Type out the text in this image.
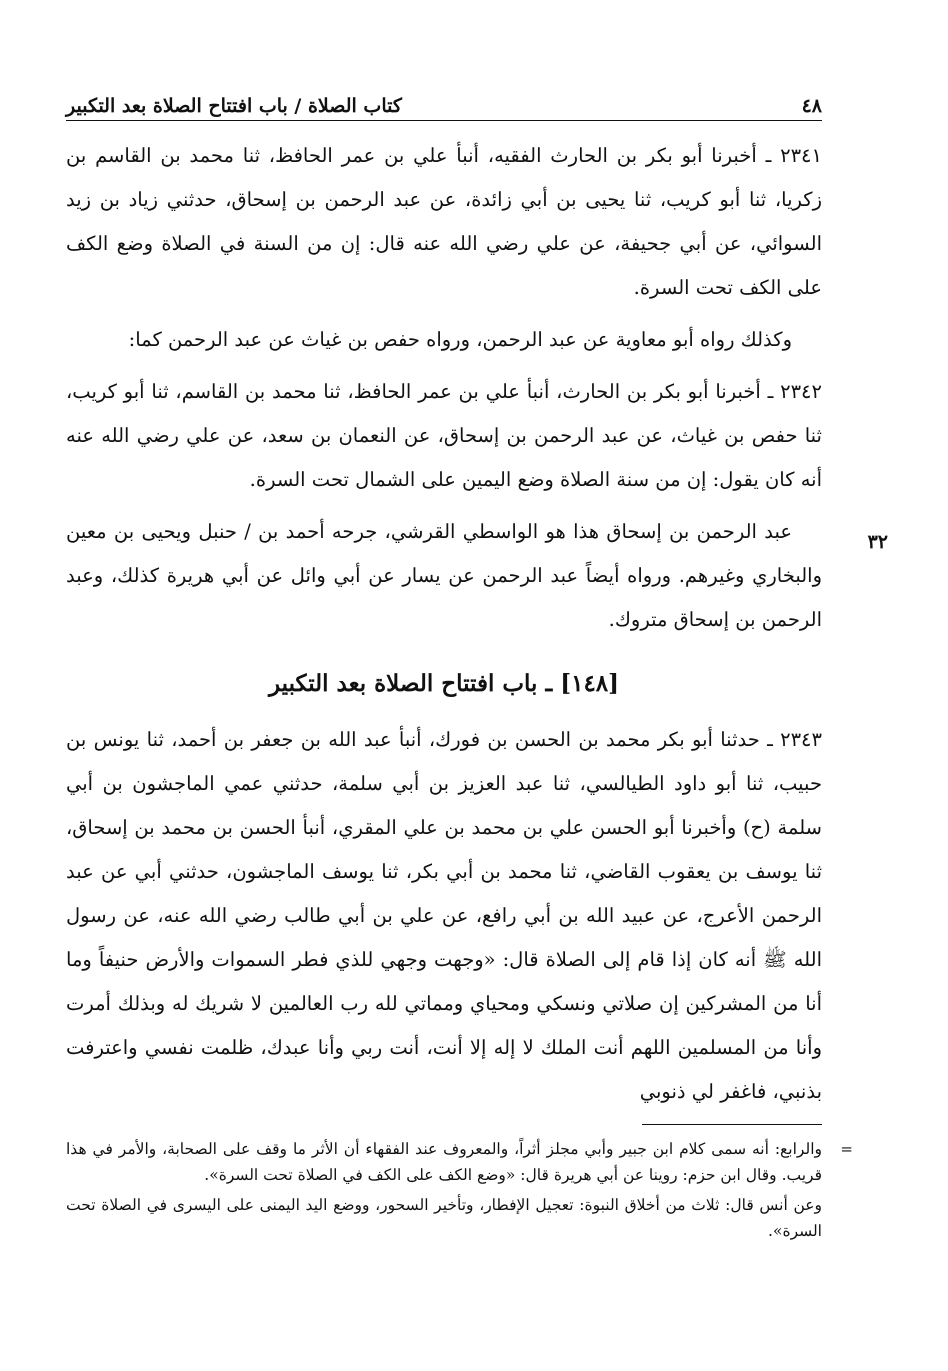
٤٨
كتاب الصلاة / باب افتتاح الصلاة بعد التكبير
٣٢

٢٣٤١ ـ أخبرنا أبو بكر بن الحارث الفقيه، أنبأ علي بن عمر الحافظ، ثنا محمد بن القاسم بن زكريا، ثنا أبو كريب، ثنا يحيى بن أبي زائدة، عن عبد الرحمن بن إسحاق، حدثني زياد بن زيد السوائي، عن أبي جحيفة، عن علي رضي الله عنه قال: إن من السنة في الصلاة وضع الكف على الكف تحت السرة.

وكذلك رواه أبو معاوية عن عبد الرحمن، ورواه حفص بن غياث عن عبد الرحمن كما:

٢٣٤٢ ـ أخبرنا أبو بكر بن الحارث، أنبأ علي بن عمر الحافظ، ثنا محمد بن القاسم، ثنا أبو كريب، ثنا حفص بن غياث، عن عبد الرحمن بن إسحاق، عن النعمان بن سعد، عن علي رضي الله عنه أنه كان يقول: إن من سنة الصلاة وضع اليمين على الشمال تحت السرة.

عبد الرحمن بن إسحاق هذا هو الواسطي القرشي، جرحه أحمد بن / حنبل ويحيى بن معين والبخاري وغيرهم. ورواه أيضاً عبد الرحمن عن يسار عن أبي وائل عن أبي هريرة كذلك، وعبد الرحمن بن إسحاق متروك.

[١٤٨] ـ باب افتتاح الصلاة بعد التكبير

٢٣٤٣ ـ حدثنا أبو بكر محمد بن الحسن بن فورك، أنبأ عبد الله بن جعفر بن أحمد، ثنا يونس بن حبيب، ثنا أبو داود الطيالسي، ثنا عبد العزيز بن أبي سلمة، حدثني عمي الماجشون بن أبي سلمة (ح) وأخبرنا أبو الحسن علي بن محمد بن علي المقري، أنبأ الحسن بن محمد بن إسحاق، ثنا يوسف بن يعقوب القاضي، ثنا محمد بن أبي بكر، ثنا يوسف الماجشون، حدثني أبي عن عبد الرحمن الأعرج، عن عبيد الله بن أبي رافع، عن علي بن أبي طالب رضي الله عنه، عن رسول الله ﷺ أنه كان إذا قام إلى الصلاة قال: «وجهت وجهي للذي فطر السموات والأرض حنيفاً وما أنا من المشركين إن صلاتي ونسكي ومحياي ومماتي لله رب العالمين لا شريك له وبذلك أمرت وأنا من المسلمين اللهم أنت الملك لا إله إلا أنت، أنت ربي وأنا عبدك، ظلمت نفسي واعترفت بذنبي، فاغفر لي ذنوبي

=

والرابع: أنه سمى كلام ابن جبير وأبي مجلز أثراً، والمعروف عند الفقهاء أن الأثر ما وقف على الصحابة، والأمر في هذا قريب. وقال ابن حزم: روينا عن أبي هريرة قال: «وضع الكف على الكف في الصلاة تحت السرة».

وعن أنس قال: ثلاث من أخلاق النبوة: تعجيل الإفطار، وتأخير السحور، ووضع اليد اليمنى على اليسرى في الصلاة تحت السرة».
